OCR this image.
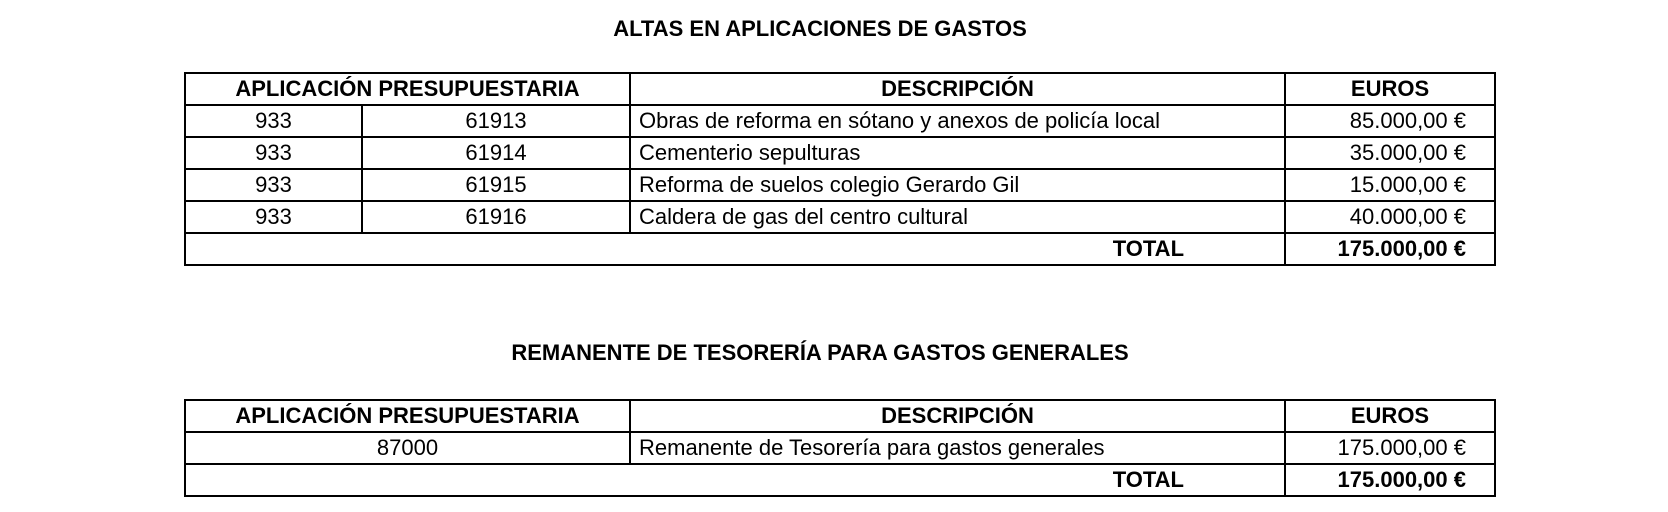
ALTAS EN APLICACIONES DE GASTOS
APLICACIÓN PRESUPUESTARIA		DESCRIPCIÓN	EUROS
933	61913	Obras de reforma en sótano y anexos de policía local	85.000,00 €
933	61914	Cementerio sepulturas	35.000,00 €
933	61915	Reforma de suelos colegio Gerardo Gil	15.000,00 €
933	61916	Caldera de gas del centro cultural	40.000,00 €
TOTAL			175.000,00 €
REMANENTE DE TESORERÍA PARA GASTOS GENERALES
APLICACIÓN PRESUPUESTARIA	DESCRIPCIÓN	EUROS
87000	Remanente de Tesorería para gastos generales	175.000,00 €
TOTAL		175.000,00 €
